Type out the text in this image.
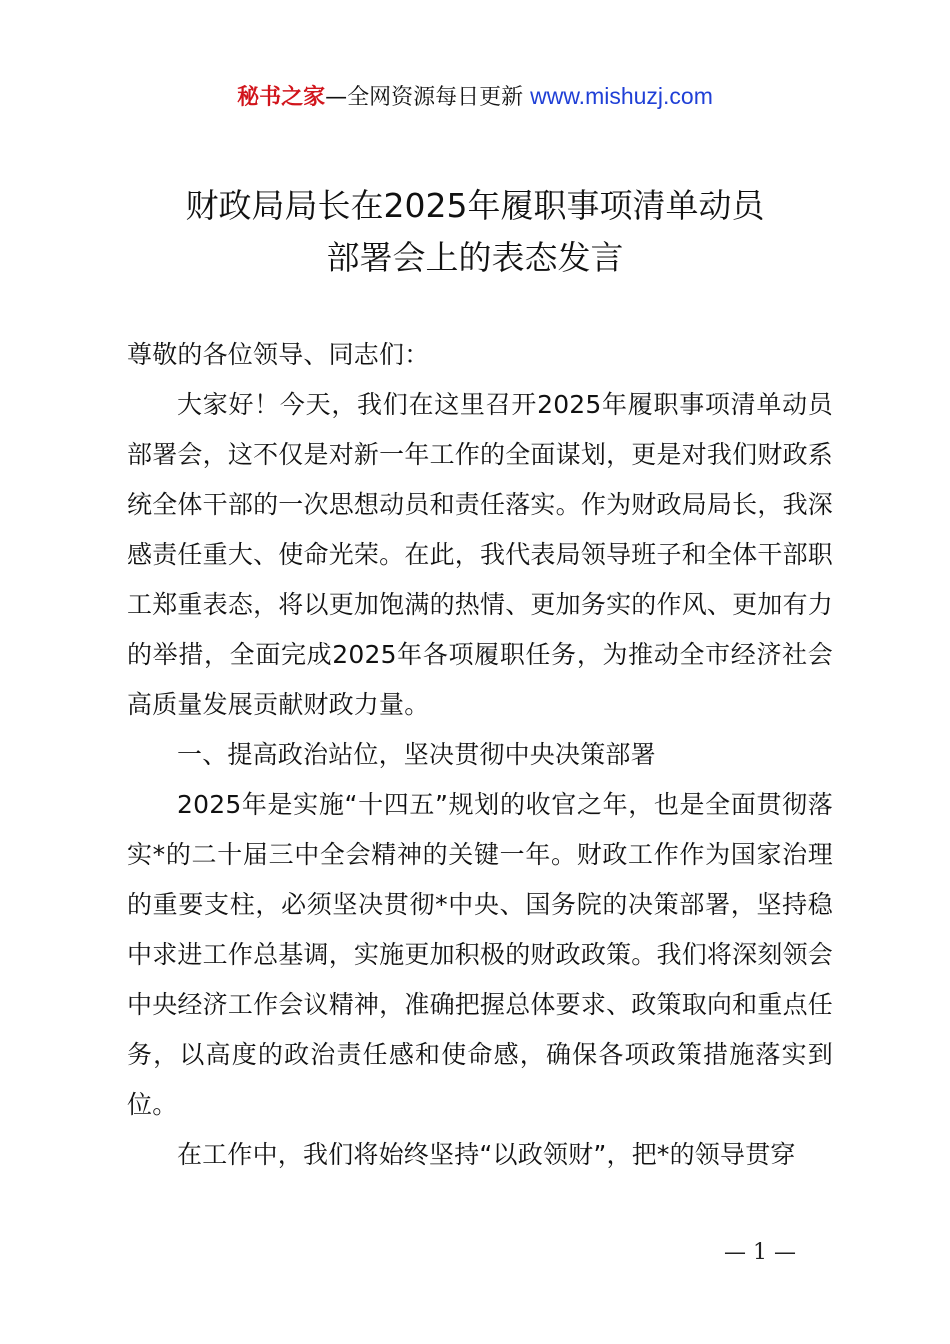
秘书之家—全网资源每日更新 www.mishuzj.com
财政局局长在2025年履职事项清单动员
部署会上的表态发言

尊敬的各位领导、同志们：

大家好！今天，我们在这里召开2025年履职事项清单动员部署会，这不仅是对新一年工作的全面谋划，更是对我们财政系统全体干部的一次思想动员和责任落实。作为财政局局长，我深感责任重大、使命光荣。在此，我代表局领导班子和全体干部职工郑重表态，将以更加饱满的热情、更加务实的作风、更加有力的举措，全面完成2025年各项履职任务，为推动全市经济社会高质量发展贡献财政力量。

一、提高政治站位，坚决贯彻中央决策部署

2025年是实施“十四五”规划的收官之年，也是全面贯彻落实*的二十届三中全会精神的关键一年。财政工作作为国家治理的重要支柱，必须坚决贯彻*中央、国务院的决策部署，坚持稳中求进工作总基调，实施更加积极的财政政策。我们将深刻领会中央经济工作会议精神，准确把握总体要求、政策取向和重点任务，以高度的政治责任感和使命感，确保各项政策措施落实到位。

在工作中，我们将始终坚持“以政领财”，把*的领导贯穿

— 1 —
